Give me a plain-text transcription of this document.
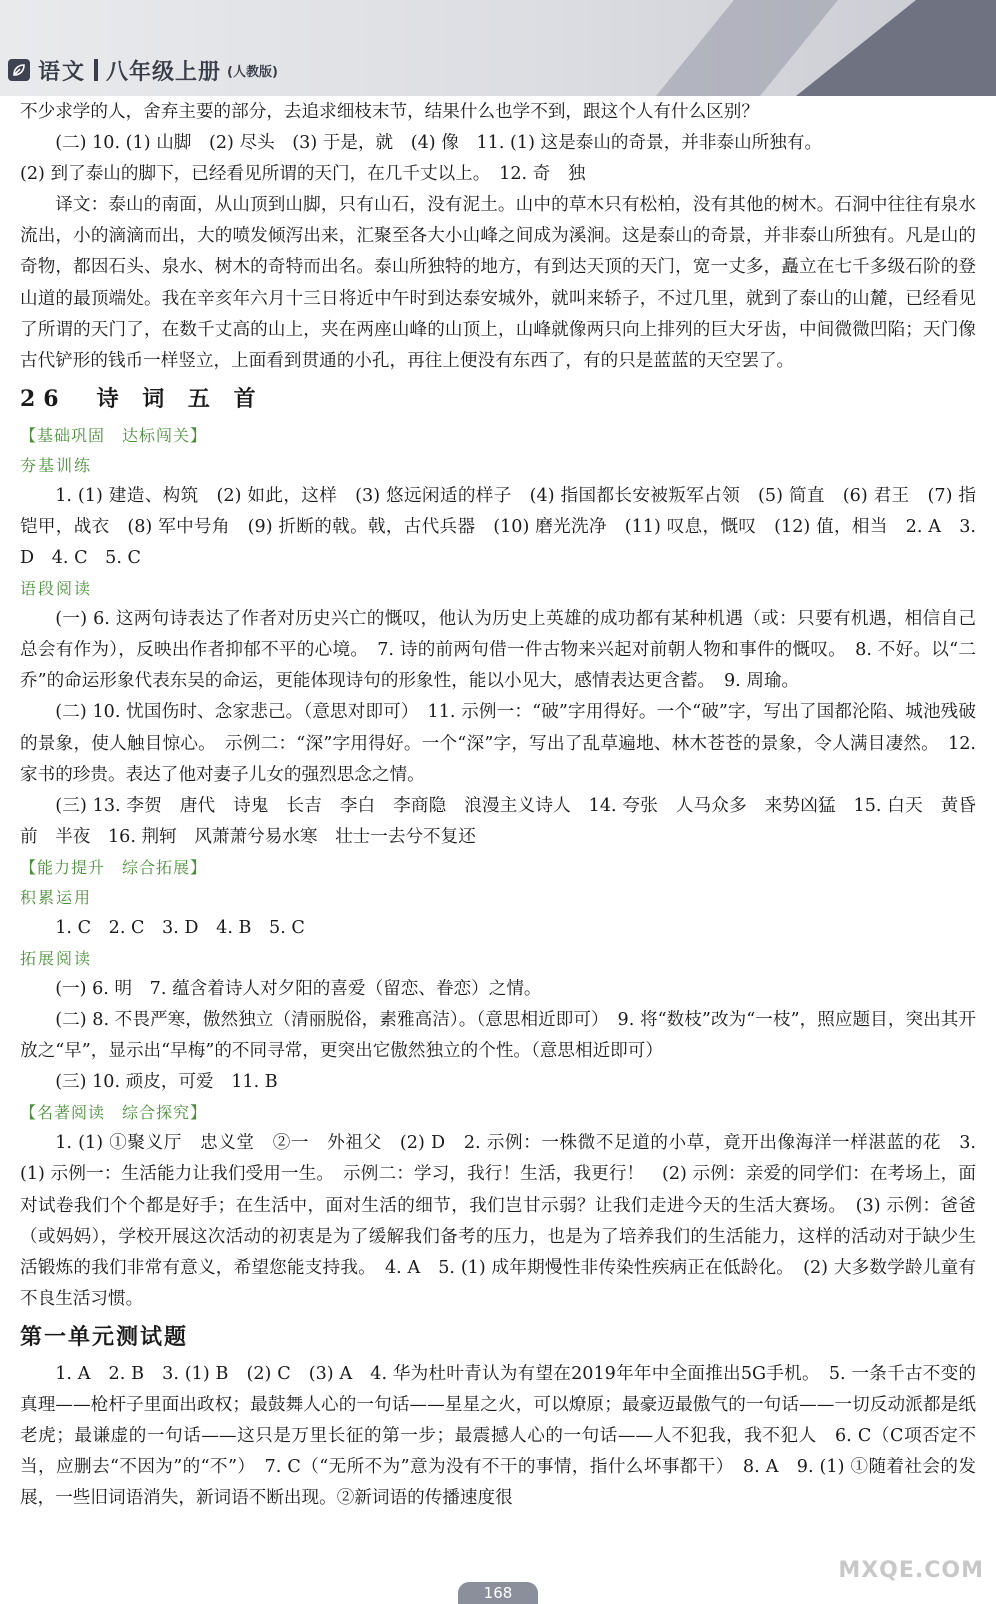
语文 八年级上册 (人教版)

不少求学的人，舍弃主要的部分，去追求细枝末节，结果什么也学不到，跟这个人有什么区别？

(二) 10. (1) 山脚　(2) 尽头　(3) 于是，就　(4) 像　11. (1) 这是泰山的奇景，并非泰山所独有。

(2) 到了泰山的脚下，已经看见所谓的天门，在几千丈以上。　12. 奇　独

译文：泰山的南面，从山顶到山脚，只有山石，没有泥土。山中的草木只有松柏，没有其他的树木。石洞中往往有泉水流出，小的滴滴而出，大的喷发倾泻出来，汇聚至各大小山峰之间成为溪涧。这是泰山的奇景，并非泰山所独有。凡是山的奇物，都因石头、泉水、树木的奇特而出名。泰山所独特的地方，有到达天顶的天门，宽一丈多，矗立在七千多级石阶的登山道的最顶端处。我在辛亥年六月十三日将近中午时到达泰安城外，就叫来轿子，不过几里，就到了泰山的山麓，已经看见了所谓的天门了，在数千丈高的山上，夹在两座山峰的山顶上，山峰就像两只向上排列的巨大牙齿，中间微微凹陷；天门像古代铲形的钱币一样竖立，上面看到贯通的小孔，再往上便没有东西了，有的只是蓝蓝的天空罢了。

26　诗 词 五 首

【基础巩固　达标闯关】

夯基训练

1. (1) 建造、构筑　(2) 如此，这样　(3) 悠远闲适的样子　(4) 指国都长安被叛军占领　(5) 简直　(6) 君王　(7) 指铠甲，战衣　(8) 军中号角　(9) 折断的戟。戟，古代兵器　(10) 磨光洗净　(11) 叹息，慨叹　(12) 值，相当　2. A　3. D　4. C　5. C

语段阅读

(一) 6. 这两句诗表达了作者对历史兴亡的慨叹，他认为历史上英雄的成功都有某种机遇（或：只要有机遇，相信自己总会有作为），反映出作者抑郁不平的心境。　7. 诗的前两句借一件古物来兴起对前朝人物和事件的慨叹。　8. 不好。以“二乔”的命运形象代表东吴的命运，更能体现诗句的形象性，能以小见大，感情表达更含蓄。　9. 周瑜。

(二) 10. 忧国伤时、念家悲己。（意思对即可）　11. 示例一：“破”字用得好。一个“破”字，写出了国都沦陷、城池残破的景象，使人触目惊心。　示例二：“深”字用得好。一个“深”字，写出了乱草遍地、林木苍苍的景象，令人满目凄然。　12. 家书的珍贵。表达了他对妻子儿女的强烈思念之情。

(三) 13. 李贺　唐代　诗鬼　长吉　李白　李商隐　浪漫主义诗人　14. 夸张　人马众多　来势凶猛　15. 白天　黄昏前　半夜　16. 荆轲　风萧萧兮易水寒　壮士一去兮不复还

【能力提升　综合拓展】

积累运用

1. C　2. C　3. D　4. B　5. C

拓展阅读

(一) 6. 明　7. 蕴含着诗人对夕阳的喜爱（留恋、眷恋）之情。

(二) 8. 不畏严寒，傲然独立（清丽脱俗，素雅高洁）。（意思相近即可）　9. 将“数枝”改为“一枝”，照应题目，突出其开放之“早”，显示出“早梅”的不同寻常，更突出它傲然独立的个性。（意思相近即可）

(三) 10. 顽皮，可爱　11. B

【名著阅读　综合探究】

1. (1) ①聚义厅　忠义堂　②一　外祖父　(2) D　2. 示例：一株微不足道的小草，竟开出像海洋一样湛蓝的花　3. (1) 示例一：生活能力让我们受用一生。　示例二：学习，我行！生活，我更行！　(2) 示例：亲爱的同学们：在考场上，面对试卷我们个个都是好手；在生活中，面对生活的细节，我们岂甘示弱？让我们走进今天的生活大赛场。　(3) 示例：爸爸（或妈妈），学校开展这次活动的初衷是为了缓解我们备考的压力，也是为了培养我们的生活能力，这样的活动对于缺少生活锻炼的我们非常有意义，希望您能支持我。　4. A　5. (1) 成年期慢性非传染性疾病正在低龄化。　(2) 大多数学龄儿童有不良生活习惯。

第一单元测试题

1. A　2. B　3. (1) B　(2) C　(3) A　4. 华为杜叶青认为有望在2019年年中全面推出5G手机。　5. 一条千古不变的真理——枪杆子里面出政权；最鼓舞人心的一句话——星星之火，可以燎原；最豪迈最傲气的一句话——一切反动派都是纸老虎；最谦虚的一句话——这只是万里长征的第一步；最震撼人心的一句话——人不犯我，我不犯人　6. C（C项否定不当，应删去“不因为”的“不”）　7. C（“无所不为”意为没有不干的事情，指什么坏事都干）　8. A　9. (1) ①随着社会的发展，一些旧词语消失，新词语不断出现。②新词语的传播速度很

MXQE.COM
168
